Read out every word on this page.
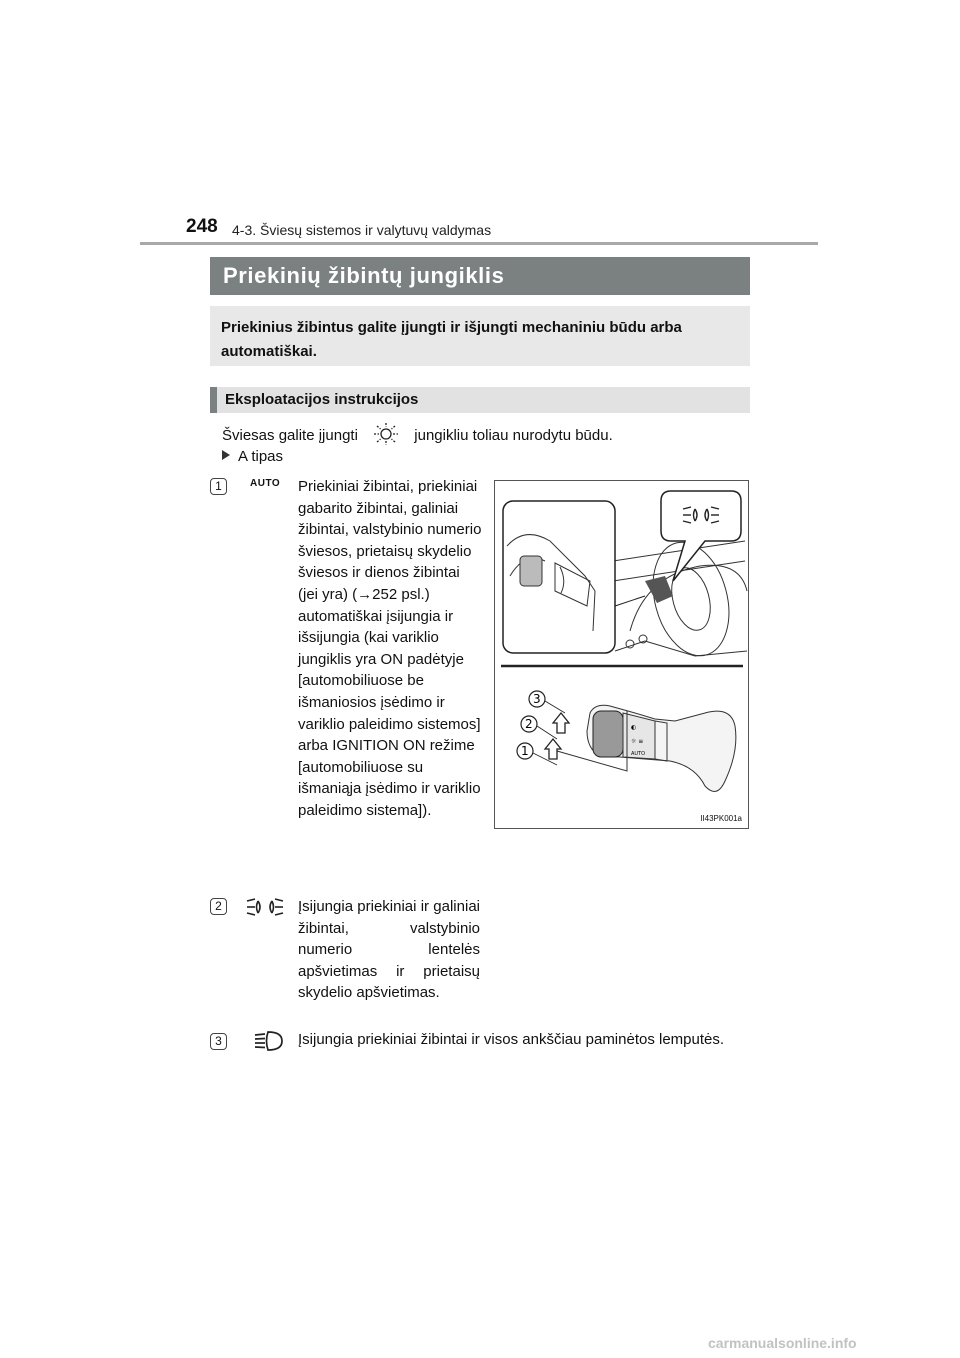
248 4-3. Šviesų sistemos ir valytuvų valdymas
Priekinių žibintų jungiklis

Priekinius žibintus galite įjungti ir išjungti mechaniniu būdu arba automatiškai.

Eksploatacijos instrukcijos
Šviesas galite įjungti	jungikliu toliau nurodytu būdu.
A tipas
1	AUTO Priekiniai žibintai, priekiniai gabarito žibintai, galiniai žibintai, valstybinio numerio šviesos, prietaisų skydelio šviesos ir dienos žibintai (jei yra) (→252 psl.) automatiškai įsijungia ir išsijungia (kai variklio jungiklis yra ON padėtyje [automobiliuose be išmaniosios įsėdimo ir variklio paleidimo sistemos] arba IGNITION ON režime [automobiliuose su išmaniąja įsėdimo ir variklio paleidimo sistema]).

2	Įsijungia priekiniai ir galiniai žibintai, valstybinio numerio lentelės apšvietimas ir prietaisų skydelio apšvietimas.

3	Įsijungia priekiniai žibintai ir visos ankščiau paminėtos lemputės.

◐
☼ ≡
AUTO
3
2
1
II43PK001a
carmanualsonline.info
